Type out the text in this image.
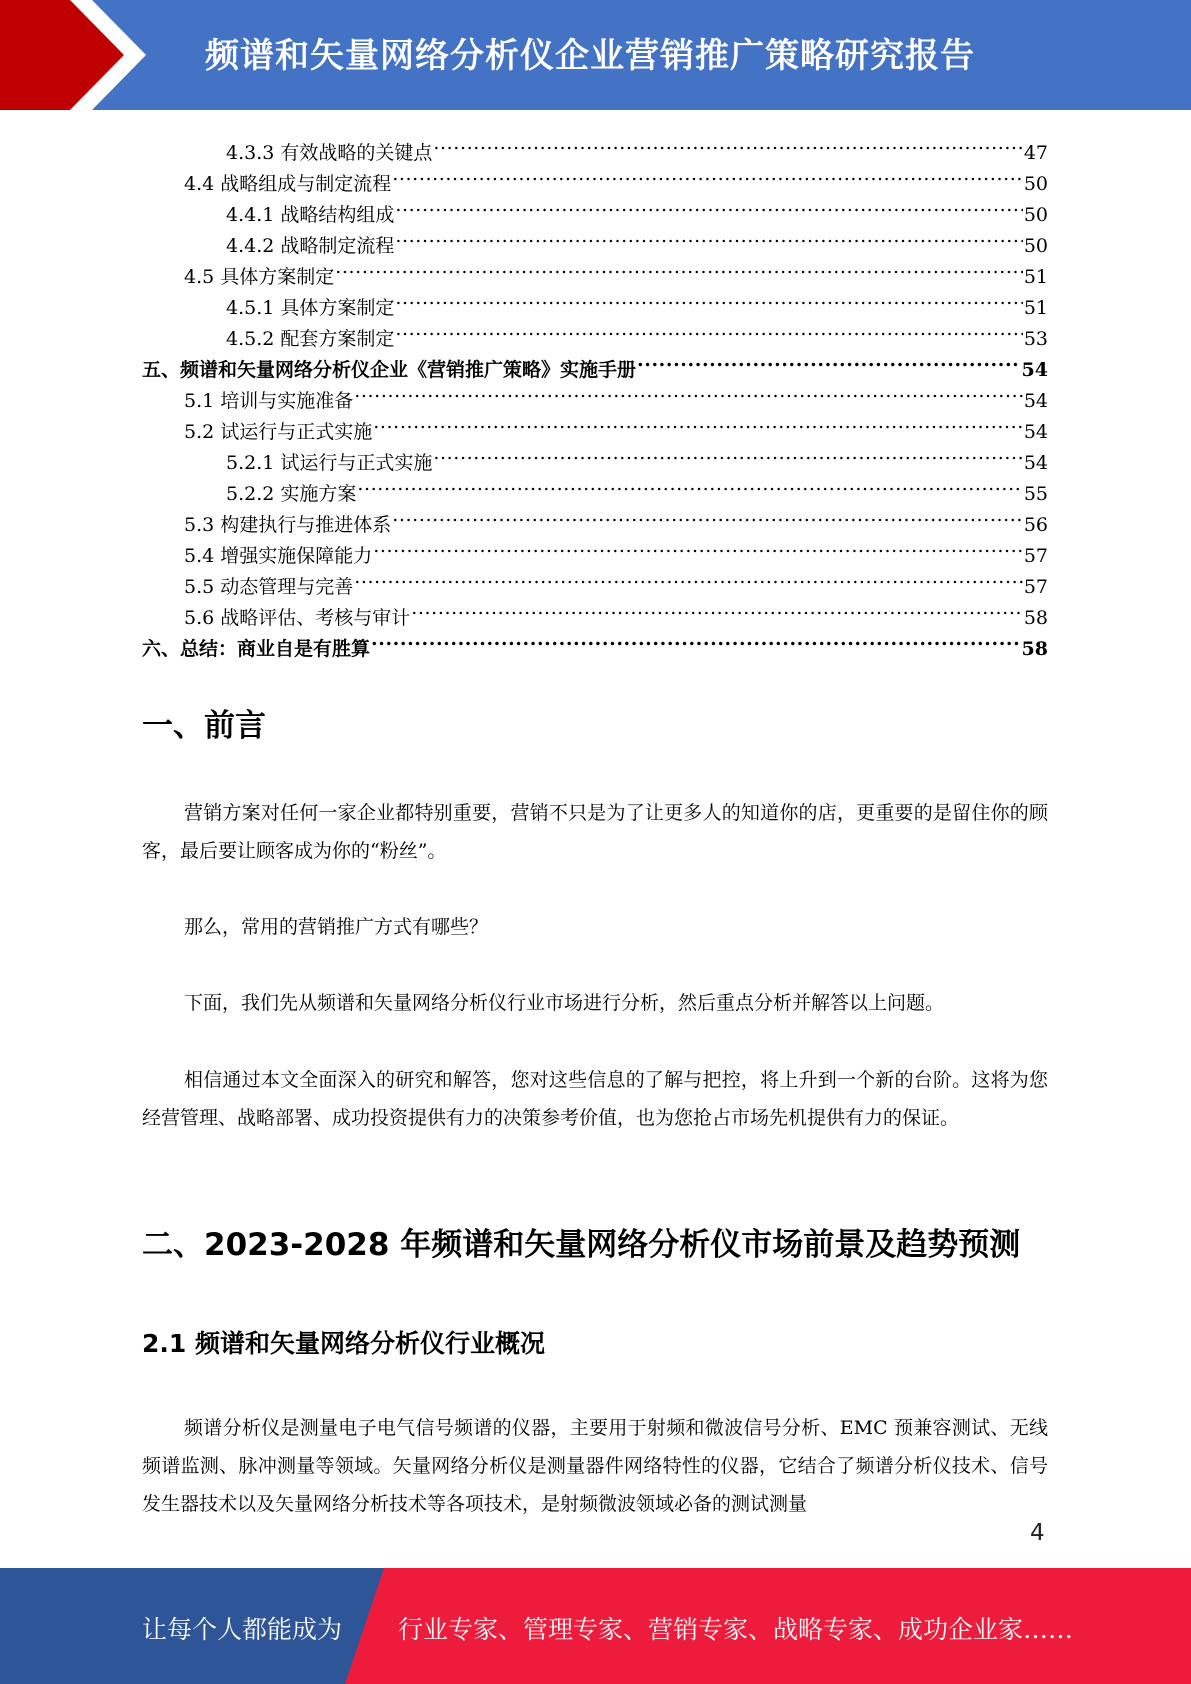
频谱和矢量网络分析仪企业营销推广策略研究报告
4.3.3 有效战略的关键点 .....	47
4.4 战略组成与制定流程 .....	50
4.4.1 战略结构组成 .....	50
4.4.2 战略制定流程 .....	50
4.5 具体方案制定 .....	51
4.5.1 具体方案制定 .....	51
4.5.2 配套方案制定 .....	53
五、频谱和矢量网络分析仪企业《营销推广策略》实施手册 .....	54
5.1 培训与实施准备 .....	54
5.2 试运行与正式实施 .....	54
5.2.1 试运行与正式实施 .....	54
5.2.2 实施方案 .....	55
5.3 构建执行与推进体系 .....	56
5.4 增强实施保障能力 .....	57
5.5 动态管理与完善 .....	57
5.6 战略评估、考核与审计 .....	58
六、总结：商业自是有胜算 .....	58
一、前言

营销方案对任何一家企业都特别重要，营销不只是为了让更多人的知道你的店，更重要的是留住你的顾客，最后要让顾客成为你的“粉丝”。

那么，常用的营销推广方式有哪些？

下面，我们先从频谱和矢量网络分析仪行业市场进行分析，然后重点分析并解答以上问题。

相信通过本文全面深入的研究和解答，您对这些信息的了解与把控，将上升到一个新的台阶。这将为您经营管理、战略部署、成功投资提供有力的决策参考价值，也为您抢占市场先机提供有力的保证。

二、2023-2028 年频谱和矢量网络分析仪市场前景及趋势预测
2.1 频谱和矢量网络分析仪行业概况

频谱分析仪是测量电子电气信号频谱的仪器，主要用于射频和微波信号分析、EMC 预兼容测试、无线频谱监测、脉冲测量等领域。矢量网络分析仪是测量器件网络特性的仪器，它结合了频谱分析仪技术、信号发生器技术以及矢量网络分析技术等各项技术，是射频微波领域必备的测试测量

4
让每个人都能成为 行业专家、管理专家、营销专家、战略专家、成功企业家……
